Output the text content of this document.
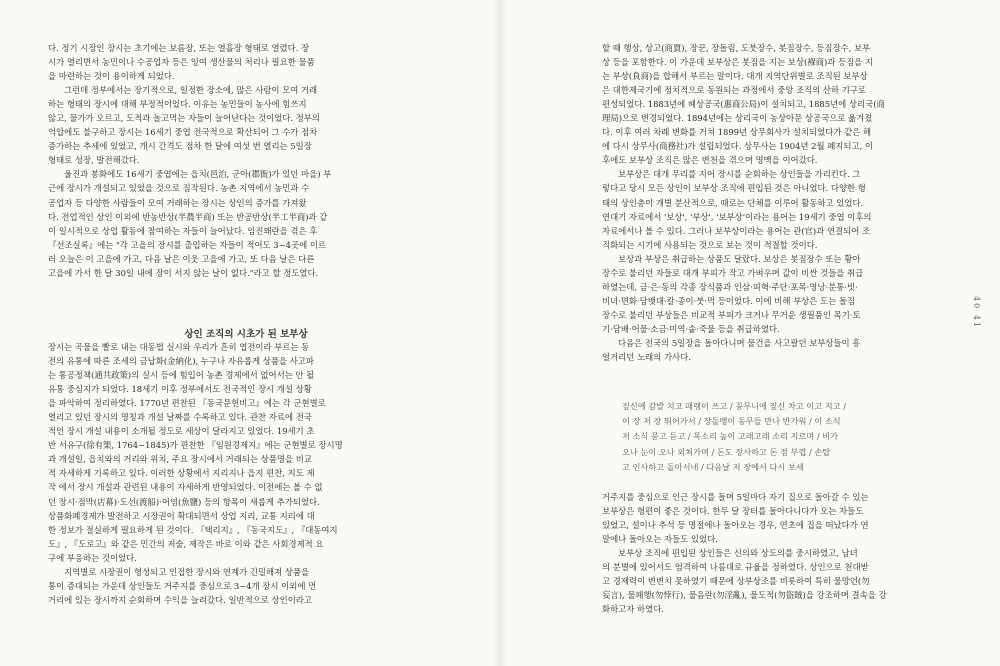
다. 정기 시장인 장시는 초기에는 보름장, 또는 열흘장 형태로 열렸다. 장

시가 열리면서 농민이나 수공업자 등은 잉여 생산물의 처리나 필요한 물품

을 마련하는 것이 용이하게 되었다.

그런데 정부에서는 장기적으로, 일정한 장소에, 많은 사람이 모여 거래

하는 형태의 장시에 대해 부정적이었다. 이유는 농민들이 농사에 힘쓰지

않고, 물가가 오르고, 도적과 놀고먹는 자들이 늘어난다는 것이었다. 정부의

억압에도 불구하고 장시는 16세기 중엽 전국적으로 확산되어 그 수가 점차

증가하는 추세에 있었고, 개시 간격도 점차 한 달에 여섯 번 열리는 5일장

형태로 성장, 발전해갔다.

울진과 봉화에도 16세기 중엽에는 읍치(邑治, 군아(郡衙)가 있던 마을) 부

근에 장시가 개설되고 있었을 것으로 짐작된다. 농촌 지역에서 농민과 수

공업자 등 다양한 사람들이 모여 거래하는 장시는 상인의 증가를 가져왔

다. 전업적인 상인 이외에 반농반상(半農半商) 또는 반공반상(半工半商)과 같

이 일시적으로 상업 활동에 참여하는 자들이 늘어났다. 임진왜란을 겪은 후

『선조실록』에는 "각 고을의 장시를 출입하는 자들이 적어도 3~4곳에 이르

러 오늘은 이 고을에 가고, 다음 날은 이웃 고을에 가고, 또 다음 날은 다른

고을에 가서 한 달 30일 내에 장이 서지 않는 날이 없다."라고 할 정도였다.

상인 조직의 시초가 된 보부상

장시는 곡물을 빨로 내는 대동법 실시와 우리가 흔히 엽전이라 부르는 동

전의 유통에 따른 조세의 금납화(金納化), 누구나 자유롭게 상품을 사고파

는 통공정책(通共政策)의 실시 등에 힘입어 농촌 경제에서 없어서는 안 될

유통 중심지가 되었다. 18세기 이후 정부에서도 전국적인 장시 개설 상황

을 파악하여 정리하였다. 1770년 편찬된 『동국문헌비고』에는 각 군현별로

열리고 있던 장시의 명칭과 개설 날짜를 수록하고 있다. 관찬 자료에 전국

적인 장시 개설 내용이 소개될 정도로 세상이 달라지고 있었다. 19세기 초

반 서유구(徐有榘, 1764~1845)가 편찬한 『임원경제지』에는 군현별로 장시명

과 개설일, 읍치와의 거리와 위치, 주요 장시에서 거래되는 상품명을 비교

적 자세하게 기록하고 있다. 이러한 상황에서 지리지나 읍지 편찬, 지도 제

작 에서 장시 개설과 관련된 내용이 자세하게 반영되었다. 이전에는 볼 수 없

던 장시·점막(店幕)·도선(渡船)·어염(魚鹽) 등의 항목이 새롭게 추가되었다.

상품화폐경제가 발전하고 시장권이 확대되면서 상업 지리, 교통 지리에 대

한 정보가 절실하게 필요하게 된 것이다. 『택리지』, 『동국지도』, 『대동여지

도』, 『도로고』와 같은 민간의 저술, 제작은 바로 이와 같은 사회경제적 요

구에 부응하는 것이었다.

지역별로 시장권이 형성되고 인접한 장시와 연계가 긴밀해져 상품을

통이 증대되는 가운데 상인들도 거주지를 중심으로 3~4개 장시 이외에 먼

거리에 있는 장시까지 순회하며 수익을 늘려갔다. 일반적으로 상인이라고

할 때 행상, 상고(商賈), 장꾼, 장돌림, 도붓장수, 봇짐장수, 등짐장수, 보부

상 등을 포함한다. 이 가운데 보부상은 봇짐을 지는 보상(褓商)과 등짐을 지

는 부상(負商)을 합해서 부르는 말이다. 대개 지역단위별로 조직된 보부상

은 대한제국기에 정치적으로 동원되는 과정에서 중앙 조직의 산하 기구로

편성되었다. 1883년에 혜상공국(惠商公局)이 설치되고, 1885년에 상리국(商

理局)으로 변경되었다. 1894년에는 상리국이 농상아문 상공국으로 옮겨졌

다. 이후 여러 차례 변화를 거쳐 1899년 상무회사가 설치되었다가 같은 해

에 다시 상무사(商務社)가 설립되었다. 상무사는 1904년 2월 폐지되고, 이

후에도 보부상 조직은 많은 변천을 겪으며 명맥을 이어갔다.

보부상은 대개 무리를 지어 장시를 순회하는 상인들을 가리킨다. 그

렇다고 당시 모든 상인이 보부상 조직에 편입된 것은 아니었다. 다양한 형

태의 상인층이 개별 분산적으로, 때로는 단체를 이루어 활동하고 있었다.

연대기 자료에서 '보상', '부상', '보부상'이라는 용어는 19세기 중엽 이후의

자료에서나 볼 수 있다. 그러나 보부상이라는 용어는 관(官)과 연결되어 조

직화되는 시기에 사용되는 것으로 보는 것이 적절할 것이다.

보상과 부상은 취급하는 상품도 달랐다. 보상은 봇짐장수 또는 황아

장수로 불리던 자들로 대개 부피가 작고 가벼우며 값이 비싼 것들을 취급

하였는데, 금·은·동의 각종 장식품과 인삼·피혁·주단·포목·영낭·분통·빗·

비녀·면화·담뱃대·칼·종이·붓·먹 등이었다. 이에 비해 부상은 도는 돌짐

장수로 불리던 부상들은 비교적 부피가 크거나 무거운 생필품인 목기·토

기·담배·어물·소금·미역·솥·죽물 등을 취급하였다.

다음은 전국의 5일장을 돌아다니며 물건을 사고팔던 보부상들이 흥

얼거리던 노래의 가사다.

짚신에 감발 치고 패랭이 쓰고 / 꽁무니에 짚신 차고 이고 지고 /

이 장 저 장 뛰어가서 / 장돌뱅이 동무들 만나 반가워 / 이 소식

저 소식 묻고 듣고 / 목소리 높이 고래고래 소리 지르며 / 비가

오나 눈이 오나 외쳐가며 / 돈도 장사하고 돈 점 부렵 / 손탑

고 인사하고 돌아서네 / 다음날 저 장에서 다시 보세

거주지를 중심으로 인근 장시를 돌며 5일마다 자기 집으로 돌아갈 수 있는

보부상은 형편이 좋은 것이다. 한두 달 장터를 돌아다니다가 오는 자들도

있었고, 설이나 추석 등 명절에나 돌아오는 경우, 연초에 집을 떠났다가 연

말에나 돌아오는 자들도 있었다.

보부상 조직에 편입된 상인들은 신의와 상도의를 중시하였고, 남녀

의 분별에 있어서도 엄격하여 나름대로 규율을 정하였다. 상인으로 천대받

고 경제력이 변변치 못하였기 때문에 상부상조를 비롯하여 특히 물망언(勿

妄言), 물패행(勿悖行), 물음란(勿淫亂), 물도적(勿盜賊)을 강조하며 결속을 강

화하고자 하였다.

40 41
